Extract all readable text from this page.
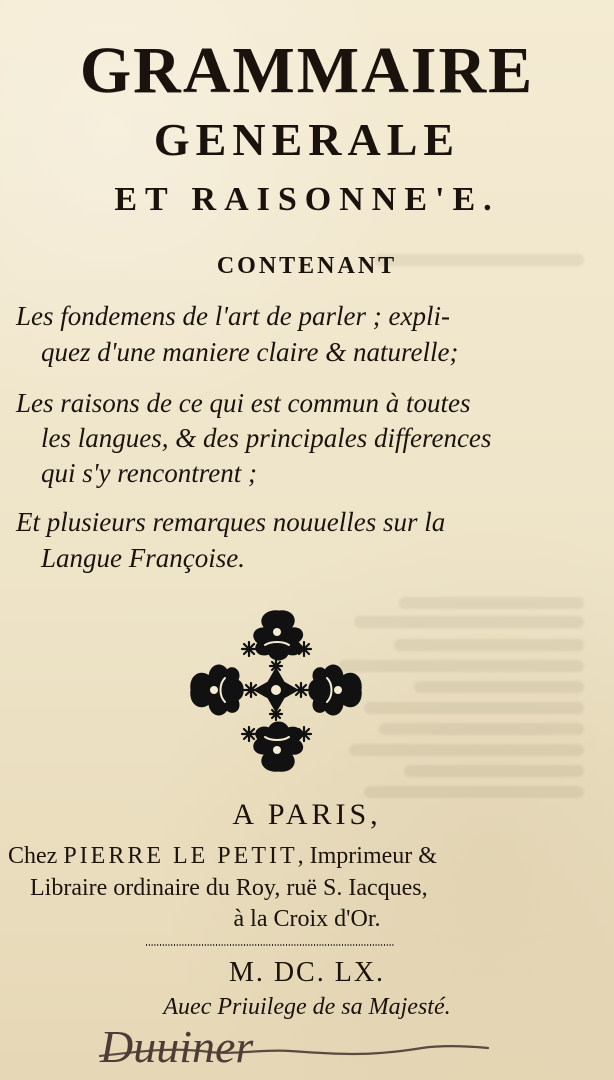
GRAMMAIRE
GENERALE
ET RAISONNE'E.
CONTENANT
Les fondemens de l'art de parler ; expli-
quez d'une maniere claire & naturelle;
Les raisons de ce qui est commun à toutes
les langues, & des principales differences
qui s'y rencontrent ;
Et plusieurs remarques nouuelles sur la
Langue Françoise.
A PARIS,
Chez PIERRE LE PETIT, Imprimeur &
Libraire ordinaire du Roy, ruë S. Iacques,
à la Croix d'Or.
M. DC. LX.
Auec Priuilege de sa Majesté.
Duuiner
